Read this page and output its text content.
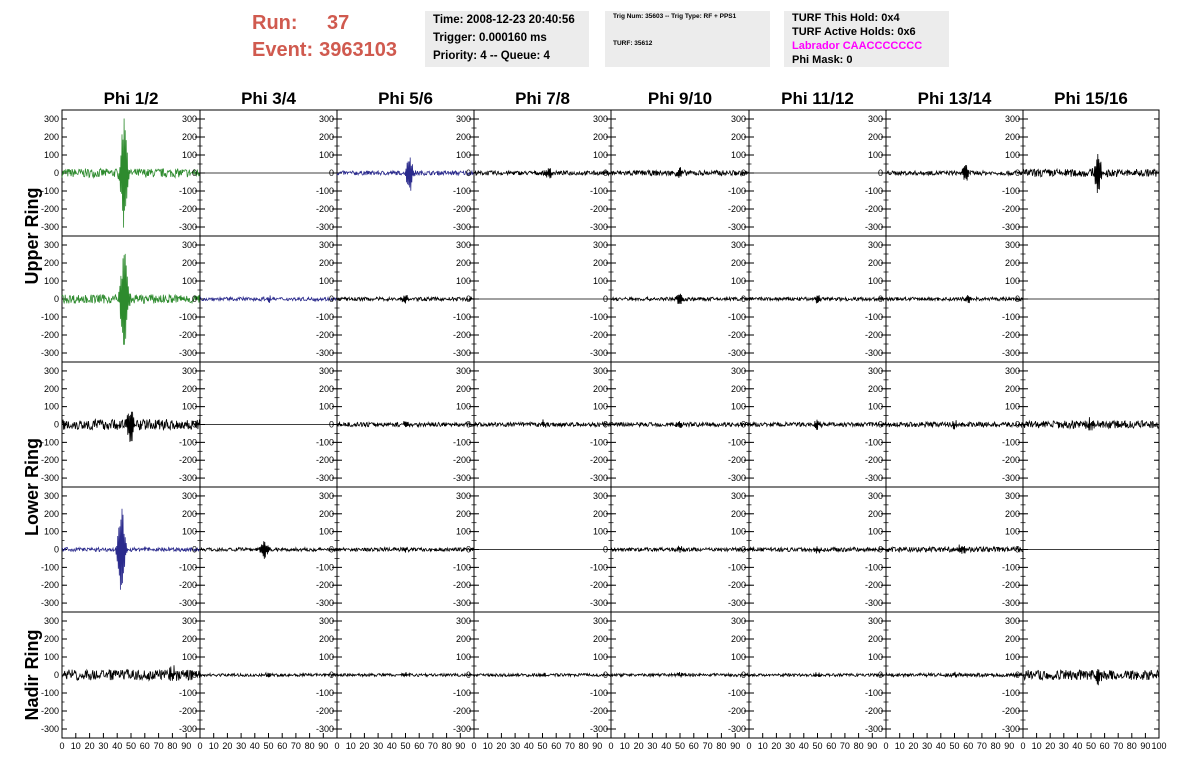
Run: 37
Event: 3963103
Time: 2008-12-23 20:40:56
Trigger: 0.000160 ms
Priority: 4 -- Queue: 4
Trig Num: 35603 -- Trig Type: RF + PPS1
TURF: 35612
TURF This Hold: 0x4
TURF Active Holds: 0x6
Labrador CAACCCCCCC
Phi Mask: 0
Phi 1/2	Phi 3/4	Phi 5/6	Phi 7/8	Phi 9/10	Phi 11/12	Phi 13/14	Phi 15/16
Upper Ring
Lower Ring
Nadir Ring
300
200
100
0
-100
-200
-300
300
200
100
0
-100
-200
-300
300
200
100
0
-100
-200
-300
300
200
100
0
-100
-200
-300
300
200
100
0
-100
-200
-300
300
200
100
0
-100
-200
-300
300
200
100
0
-100
-200
-300
300
200
100
0
-100
-200
-300
300
200
100
0
-100
-200
-300
300
200
100
0
-100
-200
-300
300
200
100
0
-100
-200
-300
300
200
100
0
-100
-200
-300
300
200
100
0
-100
-200
-300
300
200
100
0
-100
-200
-300
300
200
100
0
-100
-200
-300
300
200
100
0
-100
-200
-300
300
200
100
0
-100
-200
-300
300
200
100
0
-100
-200
-300
300
200
100
0
-100
-200
-300
300
200
100
0
-100
-200
-300
300
200
100
0
-100
-200
-300
300
200
100
0
-100
-200
-300
300
200
100
0
-100
-200
-300
300
200
100
0
-100
-200
-300
300
200
100
0
-100
-200
-300
300
200
100
0
-100
-200
-300
300
200
100
0
-100
-200
-300
300
200
100
0
-100
-200
-300
300
200
100
0
-100
-200
-300
300
200
100
0
-100
-200
-300
300
200
100
0
-100
-200
-300
300
200
100
0
-100
-200
-300
300
200
100
0
-100
-200
-300
300
200
100
0
-100
-200
-300
300
200
100
0
-100
-200
-300
300
200
100
0
-100
-200
-300
300
200
100
0
-100
-200
-300
300
200
100
0
-100
-200
-300
300
200
100
0
-100
-200
-300
300
200
100
0
-100
-200
-300
0 10 20 30 40 50 60 70 80 90 0 10 20 30 40 50 60 70 80 90 0 10 20 30 40 50 60 70 80 90 0 10 20 30 40 50 60 70 80 90 0 10 20 30 40 50 60 70 80 90 0 10 20 30 40 50 60 70 80 90 0 10 20 30 40 50 60 70 80 90 0 10 20 30 40 50 60 70 80 90 100
